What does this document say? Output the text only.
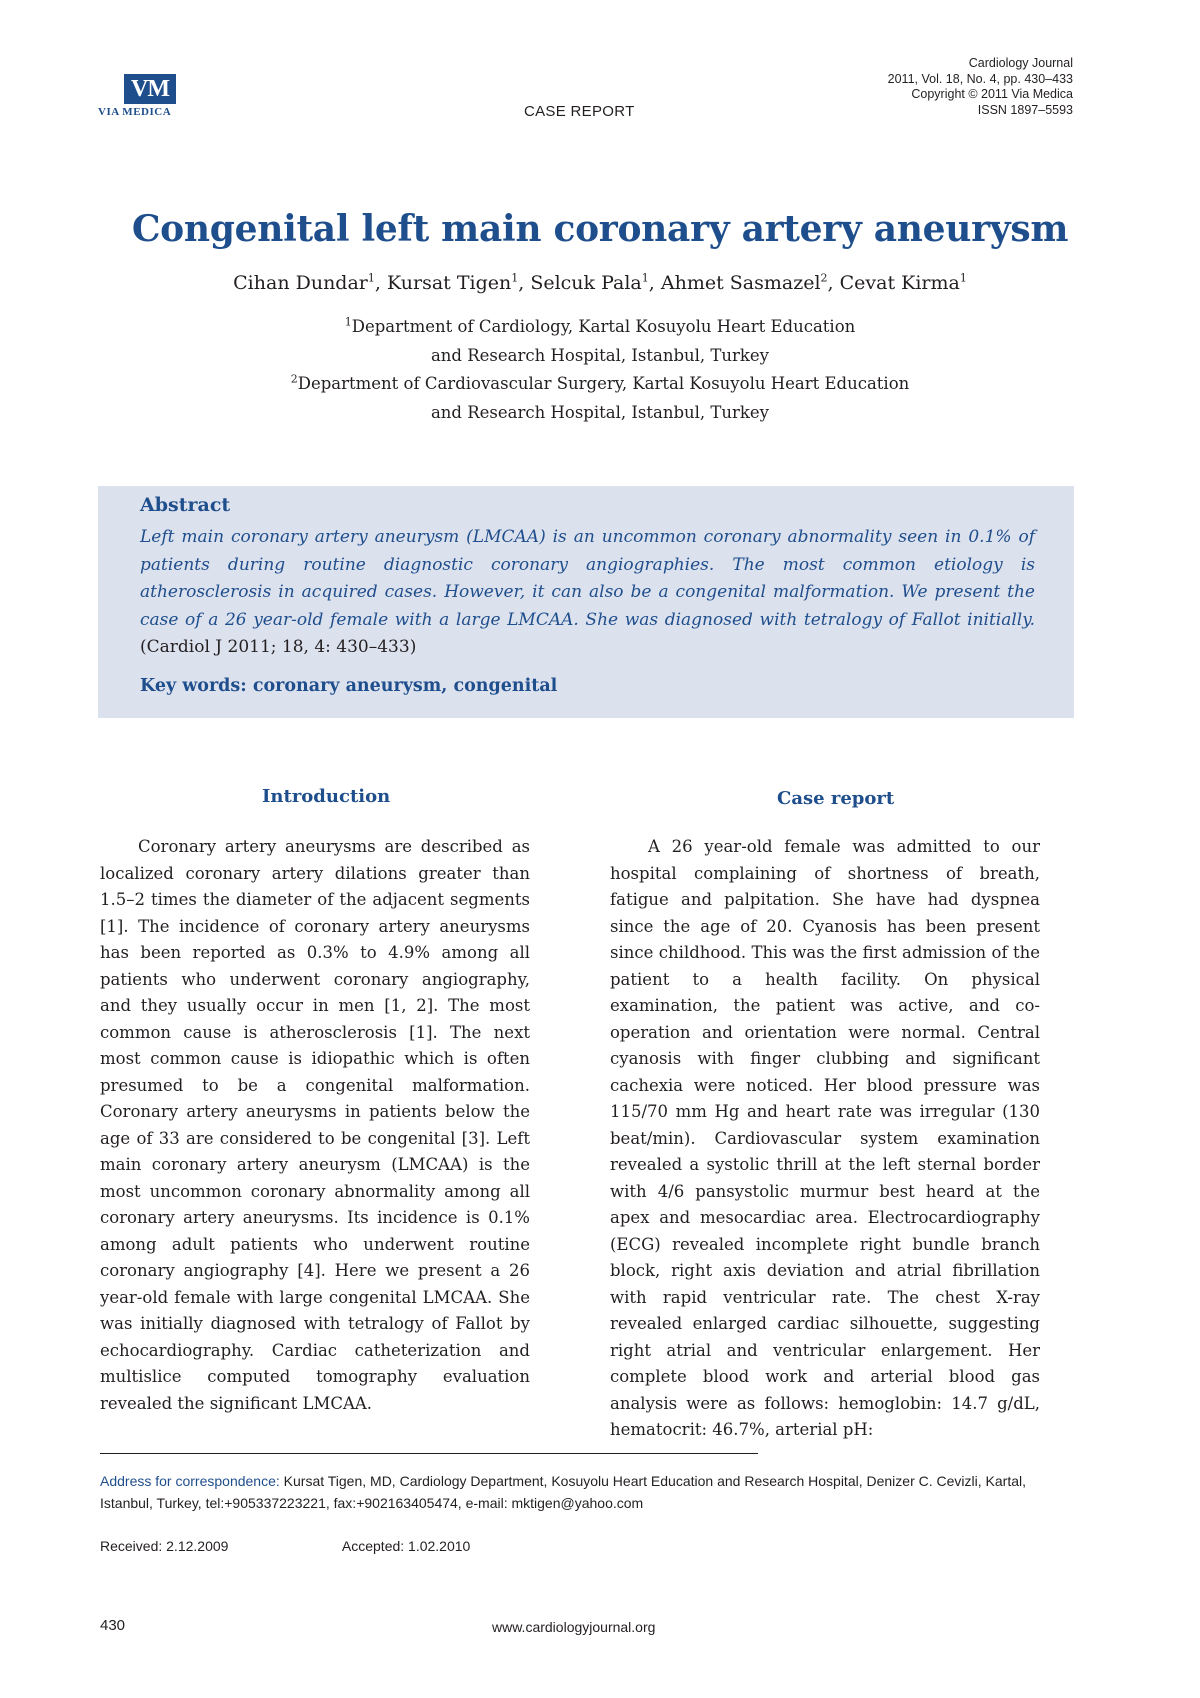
VM
VIA MEDICA	CASE REPORT
Cardiology Journal
2011, Vol. 18, No. 4, pp. 430–433
Copyright © 2011 Via Medica
ISSN 1897–5593
Congenital left main coronary artery aneurysm
Cihan Dundar$^1$, Kursat Tigen$^1$, Selcuk Pala$^1$, Ahmet Sasmazel$^2$, Cevat Kirma$^1$
$^1$Department of Cardiology, Kartal Kosuyolu Heart Education
and Research Hospital, Istanbul, Turkey
$^2$Department of Cardiovascular Surgery, Kartal Kosuyolu Heart Education
and Research Hospital, Istanbul, Turkey
Abstract
Left main coronary artery aneurysm (LMCAA) is an uncommon coronary abnormality seen in 0.1% of patients during routine diagnostic coronary angiographies. The most common etiology is atherosclerosis in acquired cases. However, it can also be a congenital malformation. We present the case of a 26 year-old female with a large LMCAA. She was diagnosed with tetralogy of Fallot initially. (Cardiol J 2011; 18, 4: 430–433)
Key words: coronary aneurysm, congenital
Introduction	Case report

Coronary artery aneurysms are described as localized coronary artery dilations greater than 1.5–2 times the diameter of the adjacent segments [1]. The incidence of coronary artery aneurysms has been reported as 0.3% to 4.9% among all patients who underwent coronary angiography, and they usually occur in men [1, 2]. The most common cause is atherosclerosis [1]. The next most common cause is idiopathic which is often presumed to be a congenital malformation. Coronary artery aneurysms in patients below the age of 33 are considered to be congenital [3]. Left main coronary artery aneurysm (LMCAA) is the most uncommon coronary abnormality among all coronary artery aneurysms. Its incidence is 0.1% among adult patients who underwent routine coronary angiography [4]. Here we present a 26 year-old female with large congenital LMCAA. She was initially diagnosed with tetralogy of Fallot by echocardiography. Cardiac catheterization and multislice computed tomography evaluation revealed the significant LMCAA.

A 26 year-old female was admitted to our hospital complaining of shortness of breath, fatigue and palpitation. She have had dyspnea since the age of 20. Cyanosis has been present since childhood. This was the first admission of the patient to a health facility. On physical examination, the patient was active, and co-operation and orientation were normal. Central cyanosis with finger clubbing and significant cachexia were noticed. Her blood pressure was 115/70 mm Hg and heart rate was irregular (130 beat/min). Cardiovascular system examination revealed a systolic thrill at the left sternal border with 4/6 pansystolic murmur best heard at the apex and mesocardiac area. Electrocardiography (ECG) revealed incomplete right bundle branch block, right axis deviation and atrial fibrillation with rapid ventricular rate. The chest X-ray revealed enlarged cardiac silhouette, suggesting right atrial and ventricular enlargement. Her complete blood work and arterial blood gas analysis were as follows: hemoglobin: 14.7 g/dL, hematocrit: 46.7%, arterial pH:

Address for correspondence: Kursat Tigen, MD, Cardiology Department, Kosuyolu Heart Education and Research Hospital, Denizer C. Cevizli, Kartal, Istanbul, Turkey, tel:+905337223221, fax:+902163405474, e-mail: mktigen@yahoo.com
Received: 2.12.2009	Accepted: 1.02.2010
430	www.cardiologyjournal.org
